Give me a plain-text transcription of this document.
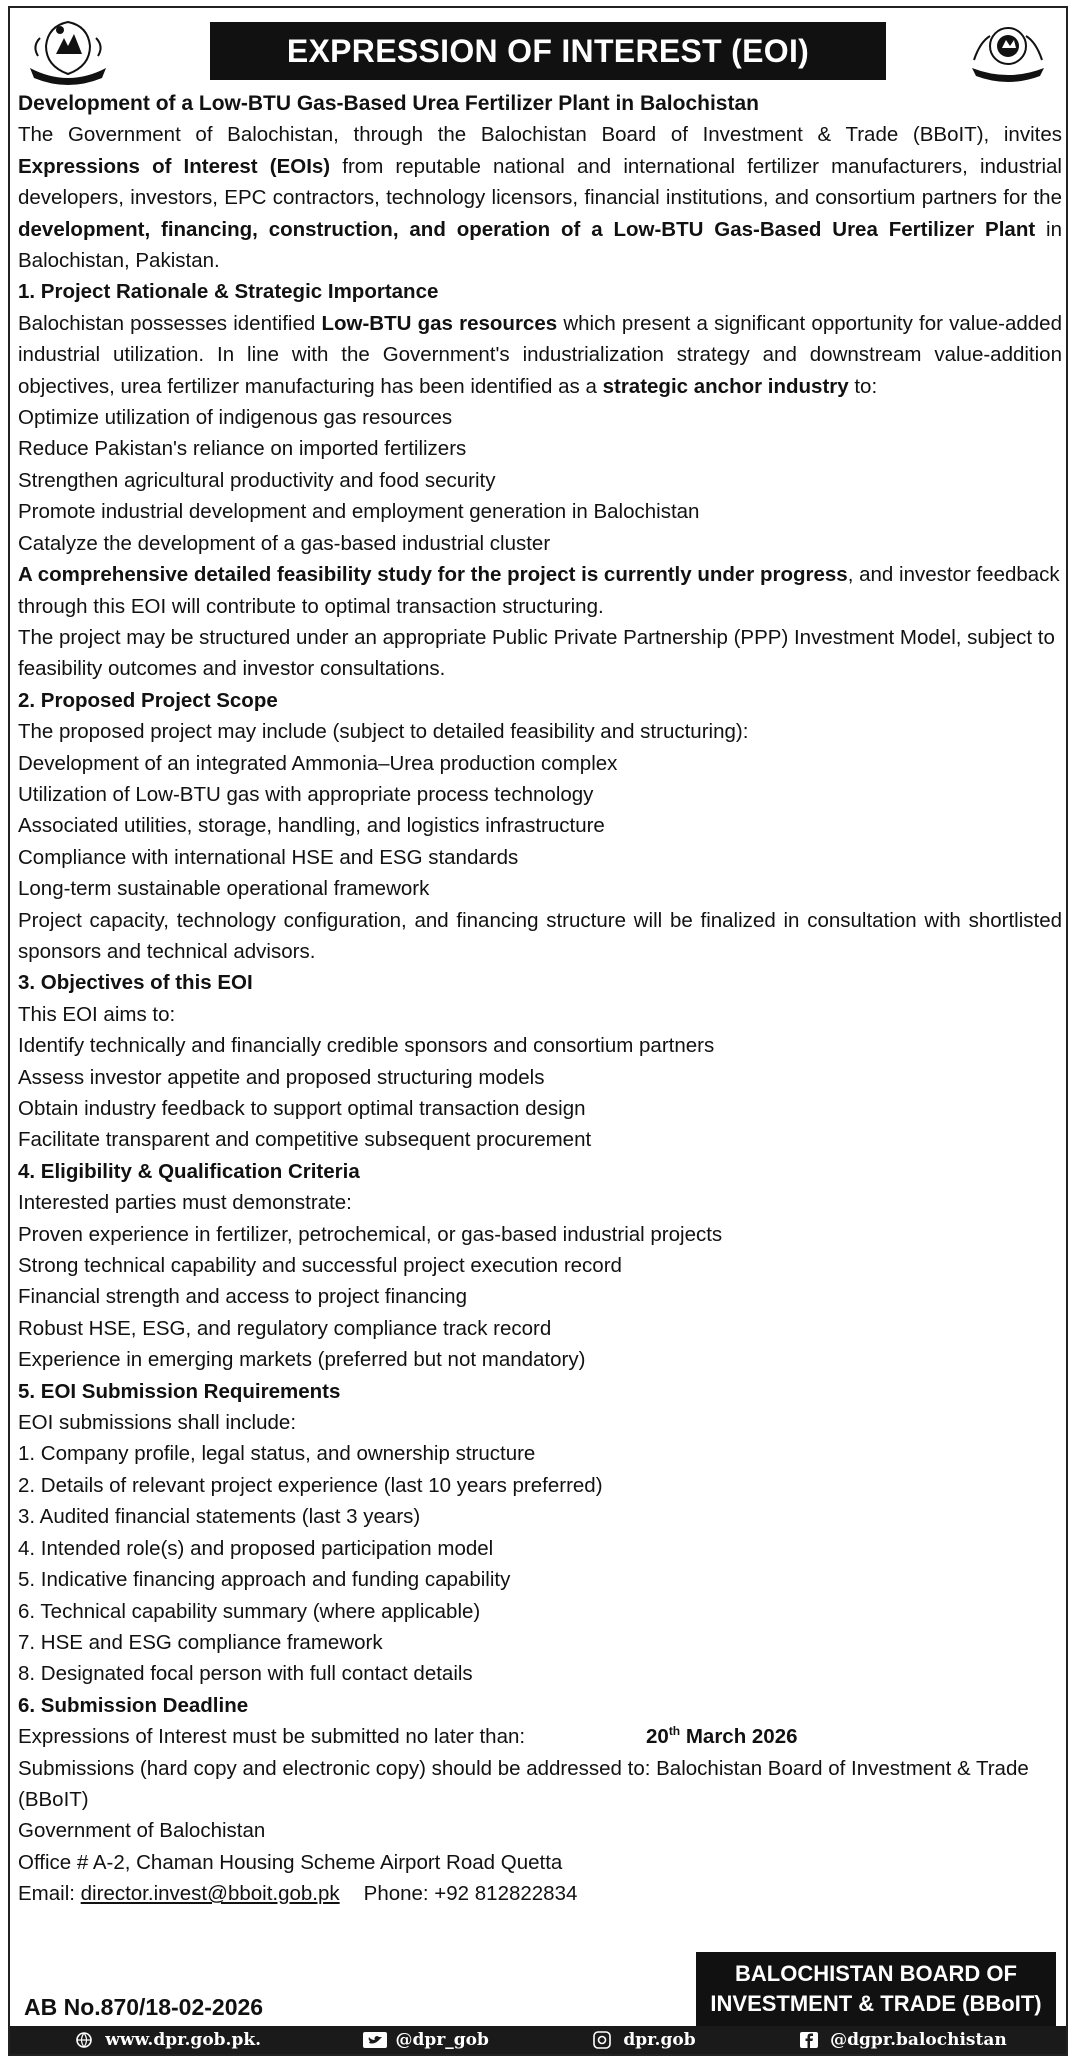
EXPRESSION OF INTEREST (EOI)

Development of a Low-BTU Gas-Based Urea Fertilizer Plant in Balochistan

The Government of Balochistan, through the Balochistan Board of Investment & Trade (BBoIT), invites Expressions of Interest (EOIs) from reputable national and international fertilizer manufacturers, industrial developers, investors, EPC contractors, technology licensors, financial institutions, and consortium partners for the development, financing, construction, and operation of a Low-BTU Gas-Based Urea Fertilizer Plant in Balochistan, Pakistan.

1. Project Rationale & Strategic Importance

Balochistan possesses identified Low-BTU gas resources which present a significant opportunity for value-added industrial utilization. In line with the Government's industrialization strategy and downstream value-addition objectives, urea fertilizer manufacturing has been identified as a strategic anchor industry to:

Optimize utilization of indigenous gas resources

Reduce Pakistan's reliance on imported fertilizers

Strengthen agricultural productivity and food security

Promote industrial development and employment generation in Balochistan

Catalyze the development of a gas-based industrial cluster

A comprehensive detailed feasibility study for the project is currently under progress, and investor feedback through this EOI will contribute to optimal transaction structuring.

The project may be structured under an appropriate Public Private Partnership (PPP) Investment Model, subject to feasibility outcomes and investor consultations.

2. Proposed Project Scope

The proposed project may include (subject to detailed feasibility and structuring):

Development of an integrated Ammonia–Urea production complex

Utilization of Low-BTU gas with appropriate process technology

Associated utilities, storage, handling, and logistics infrastructure

Compliance with international HSE and ESG standards

Long-term sustainable operational framework

Project capacity, technology configuration, and financing structure will be finalized in consultation with shortlisted sponsors and technical advisors.

3. Objectives of this EOI

This EOI aims to:

Identify technically and financially credible sponsors and consortium partners

Assess investor appetite and proposed structuring models

Obtain industry feedback to support optimal transaction design

Facilitate transparent and competitive subsequent procurement

4. Eligibility & Qualification Criteria

Interested parties must demonstrate:

Proven experience in fertilizer, petrochemical, or gas-based industrial projects

Strong technical capability and successful project execution record

Financial strength and access to project financing

Robust HSE, ESG, and regulatory compliance track record

Experience in emerging markets (preferred but not mandatory)

5. EOI Submission Requirements

EOI submissions shall include:

1. Company profile, legal status, and ownership structure

2. Details of relevant project experience (last 10 years preferred)

3. Audited financial statements (last 3 years)

4. Intended role(s) and proposed participation model

5. Indicative financing approach and funding capability

6. Technical capability summary (where applicable)

7. HSE and ESG compliance framework

8. Designated focal person with full contact details

6. Submission Deadline

Expressions of Interest must be submitted no later than:	20th March 2026

Submissions (hard copy and electronic copy) should be addressed to: Balochistan Board of Investment & Trade (BBoIT)

Government of Balochistan

Office # A-2, Chaman Housing Scheme Airport Road Quetta

Email: director.invest@bboit.gob.pk Phone: +92 812822834

BALOCHISTAN BOARD OF
INVESTMENT & TRADE (BBoIT)
AB No.870/18-02-2026
www.dpr.gob.pk.	@dpr_gob	dpr.gob	@dgpr.balochistan
